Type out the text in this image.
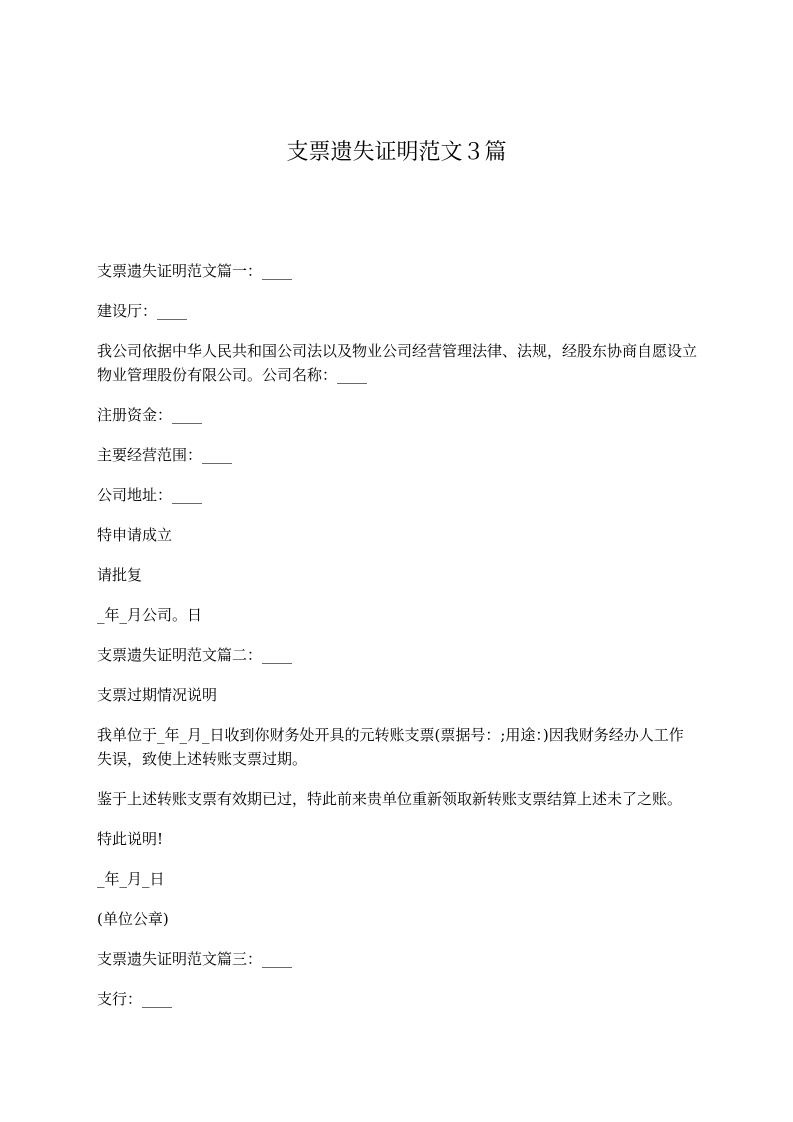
支票遗失证明范文３篇

支票遗失证明范文篇一：____

建设厅：____

我公司依据中华人民共和国公司法以及物业公司经营管理法律、法规，经股东协商自愿设立物业管理股份有限公司。公司名称：____

注册资金：____

主要经营范围：____

公司地址：____

特申请成立

请批复

_年_月公司。日

支票遗失证明范文篇二：____

支票过期情况说明

我单位于_年_月_日收到你财务处开具的元转账支票(票据号：;用途：)因我财务经办人工作失误，致使上述转账支票过期。

鉴于上述转账支票有效期已过，特此前来贵单位重新领取新转账支票结算上述未了之账。

特此说明!

_年_月_日

(单位公章)

支票遗失证明范文篇三：____

支行：____
